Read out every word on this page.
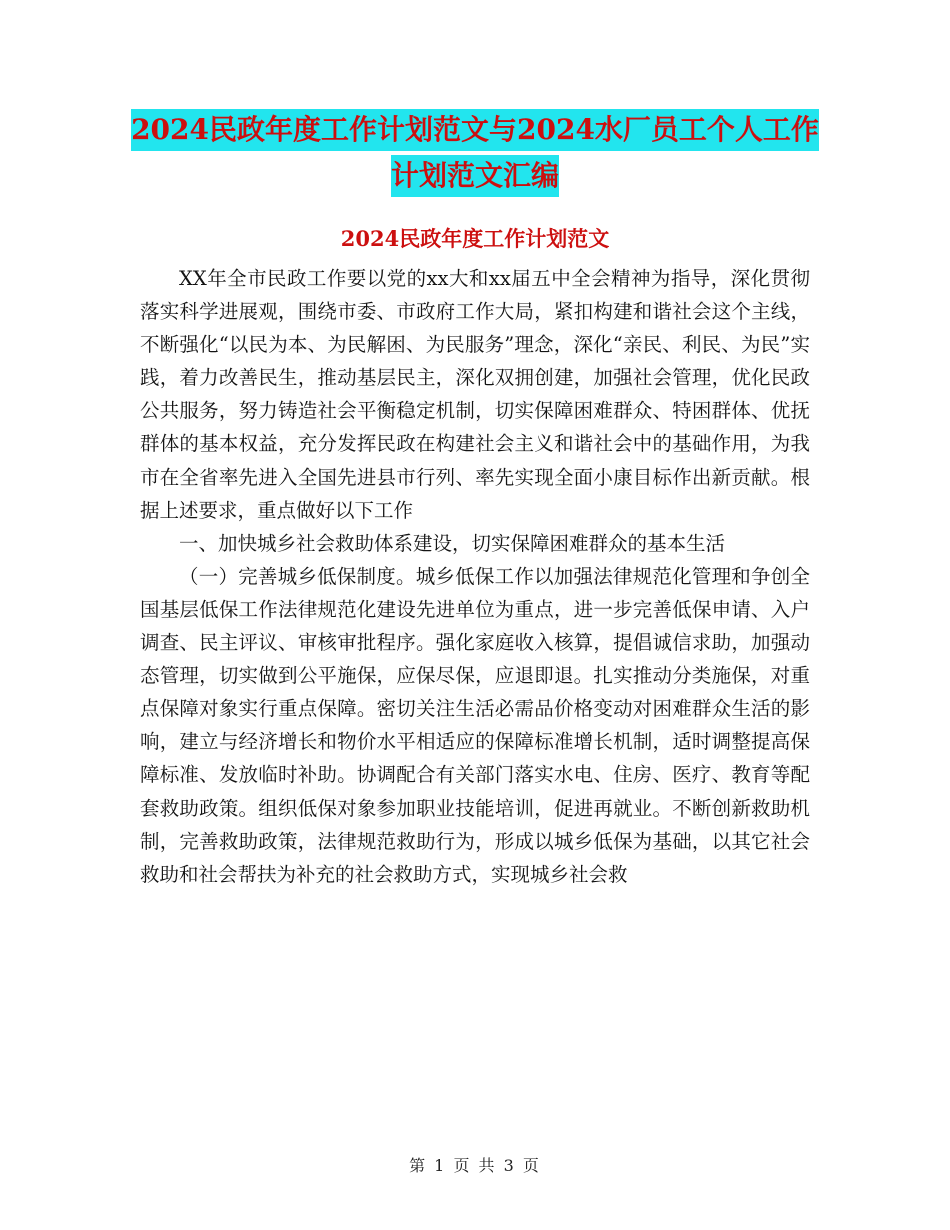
2024民政年度工作计划范文与2024水厂员工个人工作
计划范文汇编
2024民政年度工作计划范文

XX年全市民政工作要以党的xx大和xx届五中全会精神为指导，深化贯彻落实科学进展观，围绕市委、市政府工作大局，紧扣构建和谐社会这个主线，不断强化“以民为本、为民解困、为民服务”理念，深化“亲民、利民、为民”实践，着力改善民生，推动基层民主，深化双拥创建，加强社会管理，优化民政公共服务，努力铸造社会平衡稳定机制，切实保障困难群众、特困群体、优抚群体的基本权益，充分发挥民政在构建社会主义和谐社会中的基础作用，为我市在全省率先进入全国先进县市行列、率先实现全面小康目标作出新贡献。根据上述要求，重点做好以下工作

一、加快城乡社会救助体系建设，切实保障困难群众的基本生活

（一）完善城乡低保制度。城乡低保工作以加强法律规范化管理和争创全国基层低保工作法律规范化建设先进单位为重点，进一步完善低保申请、入户调查、民主评议、审核审批程序。强化家庭收入核算，提倡诚信求助，加强动态管理，切实做到公平施保，应保尽保，应退即退。扎实推动分类施保，对重点保障对象实行重点保障。密切关注生活必需品价格变动对困难群众生活的影响，建立与经济增长和物价水平相适应的保障标准增长机制，适时调整提高保障标准、发放临时补助。协调配合有关部门落实水电、住房、医疗、教育等配套救助政策。组织低保对象参加职业技能培训，促进再就业。不断创新救助机制，完善救助政策，法律规范救助行为，形成以城乡低保为基础，以其它社会救助和社会帮扶为补充的社会救助方式，实现城乡社会救

第 1 页 共 3 页
